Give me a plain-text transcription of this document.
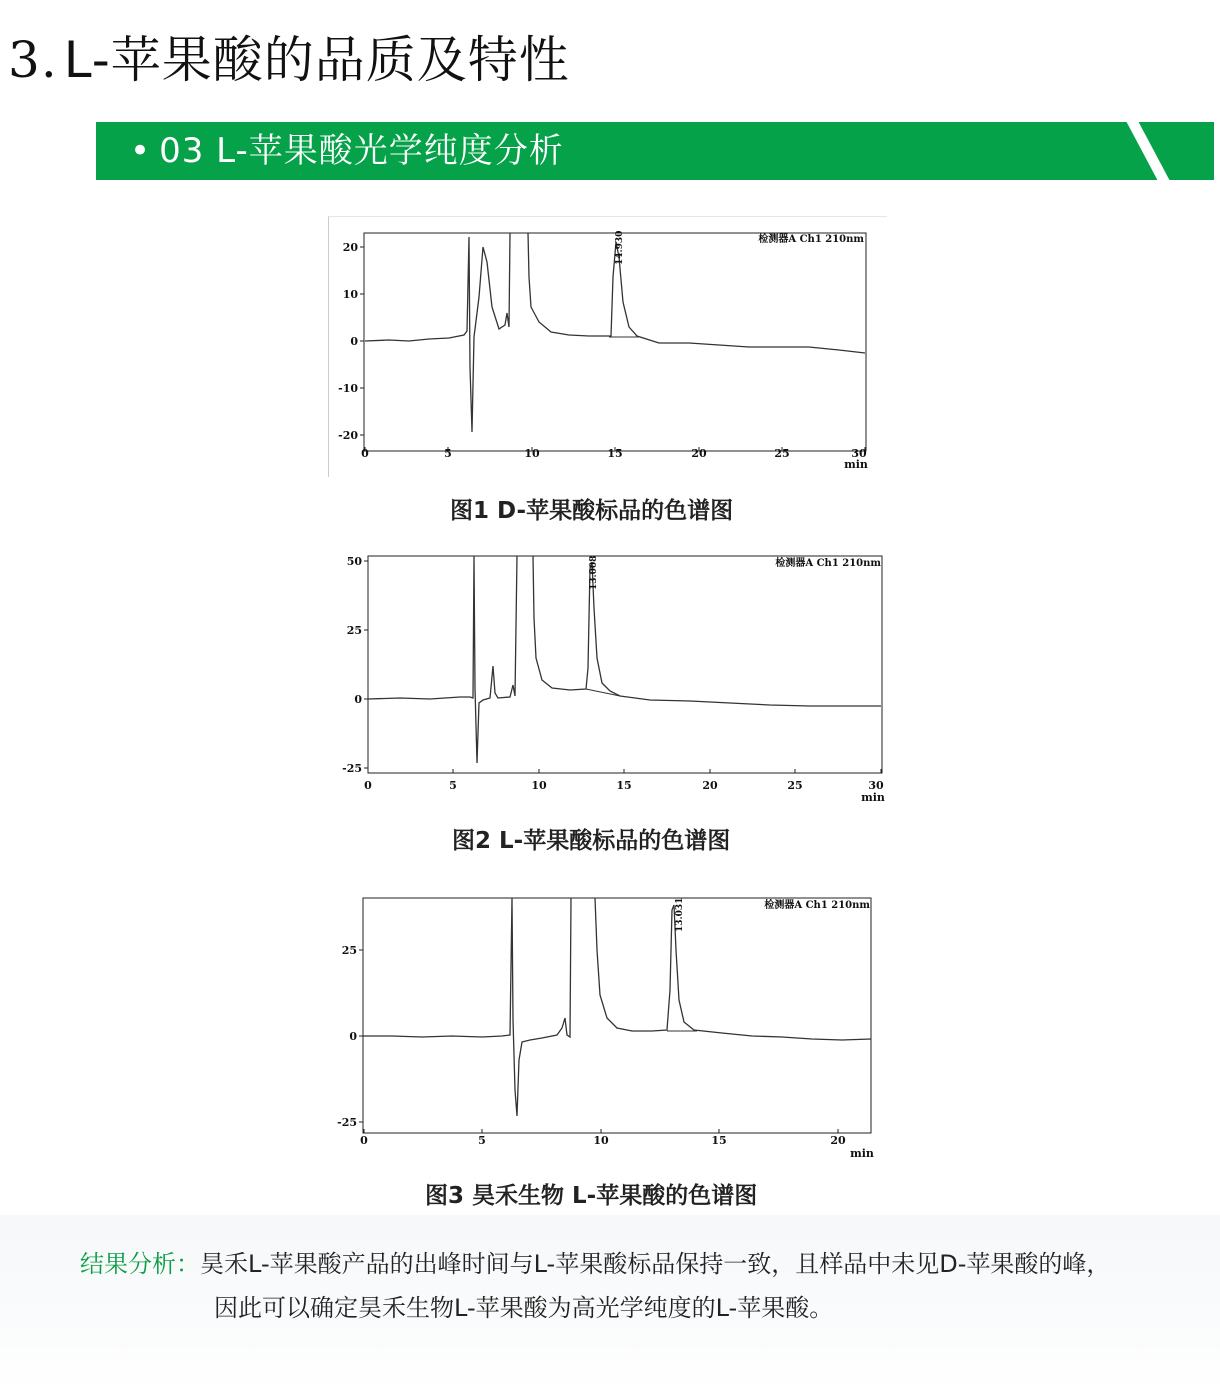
3. L-苹果酸的品质及特性
• 03 L-苹果酸光学纯度分析
20
10
0
-10
-20
0	5	10	15	20	25	30
min
检测器A Ch1 210nm
14.930
图1 D-苹果酸标品的色谱图
50
25
0
-25
0	5	10	15	20	25	30
min
检测器A Ch1 210nm
13.008
图2 L-苹果酸标品的色谱图
25
0
-25
0	5	10	15	20
min
检测器A Ch1 210nm
13.031
图3 昊禾生物 L-苹果酸的色谱图
结果分析：昊禾L-苹果酸产品的出峰时间与L-苹果酸标品保持一致，且样品中未见D-苹果酸的峰，
因此可以确定昊禾生物L-苹果酸为高光学纯度的L-苹果酸。
